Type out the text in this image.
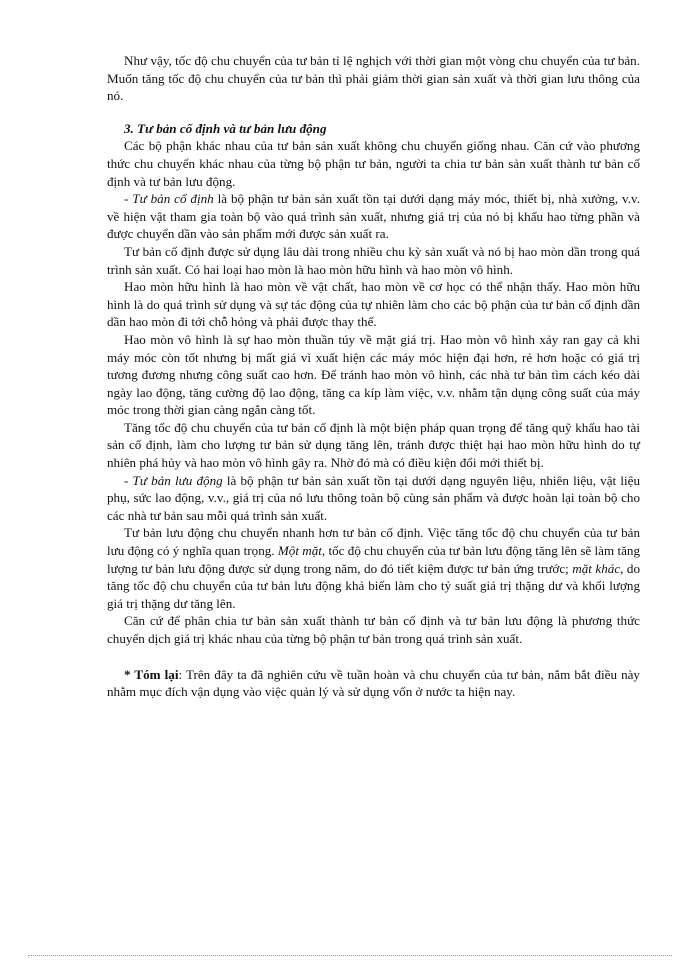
Như vậy, tốc độ chu chuyển của tư bản tỉ lệ nghịch với thời gian một vòng chu chuyển của tư bản. Muốn tăng tốc độ chu chuyển của tư bản thì phải giảm thời gian sản xuất và thời gian lưu thông của nó.

3. Tư bản cố định và tư bản lưu động

Các bộ phận khác nhau của tư bản sản xuất không chu chuyển giống nhau. Căn cứ vào phương thức chu chuyển khác nhau của từng bộ phận tư bản, người ta chia tư bản sản xuất thành tư bản cố định và tư bản lưu động.

- Tư bản cố định là bộ phận tư bản sản xuất tồn tại dưới dạng máy móc, thiết bị, nhà xưởng, v.v. về hiện vật tham gia toàn bộ vào quá trình sản xuất, nhưng giá trị của nó bị khấu hao từng phần và được chuyển dần vào sản phẩm mới được sản xuất ra.

Tư bản cố định được sử dụng lâu dài trong nhiều chu kỳ sản xuất và nó bị hao mòn dần trong quá trình sản xuất. Có hai loại hao mòn là hao mòn hữu hình và hao mòn vô hình.

Hao mòn hữu hình là hao mòn về vật chất, hao mòn về cơ học có thể nhận thấy. Hao mòn hữu hình là do quá trình sử dụng và sự tác động của tự nhiên làm cho các bộ phận của tư bản cố định dần dần hao mòn đi tới chỗ hỏng và phải được thay thế.

Hao mòn vô hình là sự hao mòn thuần túy về mặt giá trị. Hao mòn vô hình xảy ran gay cả khi máy móc còn tốt nhưng bị mất giá vì xuất hiện các máy móc hiện đại hơn, rẻ hơn hoặc có giá trị tương đương nhưng công suất cao hơn. Để tránh hao mòn vô hình, các nhà tư bản tìm cách kéo dài ngày lao động, tăng cường độ lao động, tăng ca kíp làm việc, v.v. nhằm tận dụng công suất của máy móc trong thời gian càng ngắn càng tốt.

Tăng tốc độ chu chuyển của tư bản cố định là một biện pháp quan trọng để tăng quỹ khấu hao tài sản cố định, làm cho lượng tư bản sử dụng tăng lên, tránh được thiệt hại hao mòn hữu hình do tự nhiên phá hủy và hao mòn vô hình gây ra. Nhờ đó mà có điều kiện đổi mới thiết bị.

- Tư bản lưu động là bộ phận tư bản sản xuất tồn tại dưới dạng nguyên liệu, nhiên liệu, vật liệu phụ, sức lao động, v.v., giá trị của nó lưu thông toàn bộ cùng sản phẩm và được hoàn lại toàn bộ cho các nhà tư bản sau mỗi quá trình sản xuất.

Tư bản lưu động chu chuyển nhanh hơn tư bản cố định. Việc tăng tốc độ chu chuyển của tư bản lưu động có ý nghĩa quan trọng. Một mặt, tốc độ chu chuyển của tư bản lưu động tăng lên sẽ làm tăng lượng tư bản lưu động được sử dụng trong năm, do đó tiết kiệm được tư bản ứng trước; mặt khác, do tăng tốc độ chu chuyển của tư bản lưu động khả biến làm cho tỷ suất giá trị thặng dư và khối lượng giá trị thặng dư tăng lên.

Căn cứ để phân chia tư bản sản xuất thành tư bản cố định và tư bản lưu động là phương thức chuyển dịch giá trị khác nhau của từng bộ phận tư bản trong quá trình sản xuất.

* Tóm lại: Trên đây ta đã nghiên cứu về tuần hoàn và chu chuyển của tư bản, nắm bắt điều này nhằm mục đích vận dụng vào việc quản lý và sử dụng vốn ở nước ta hiện nay.
